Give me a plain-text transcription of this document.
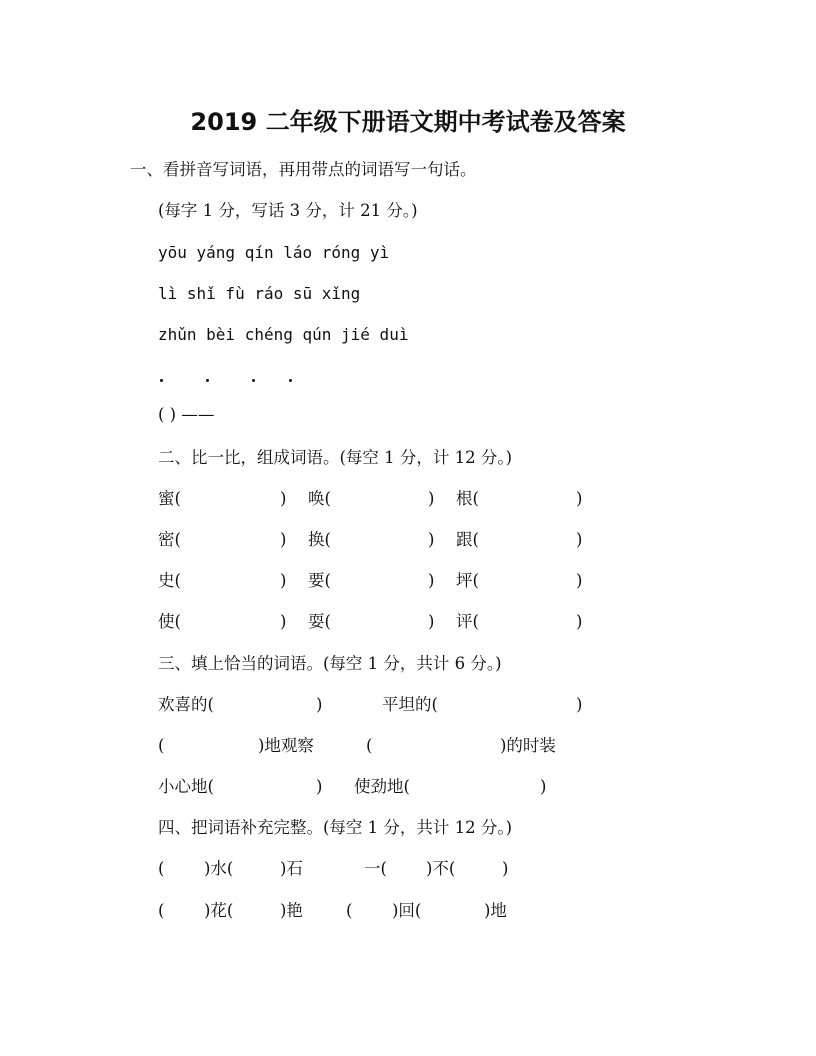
2019 二年级下册语文期中考试卷及答案
一、看拼音写词语，再用带点的词语写一句话。
(每字 1 分，写话 3 分，计 21 分。)
yōu yáng qín láo róng yì
lì shǐ fù ráo sū xǐng
zhǔn bèi chéng qún jié duì
( ) ——
二、比一比，组成词语。(每空 1 分，计 12 分。)
蜜(	) 唤(	) 根(	)
密(	) 换(	) 跟(	)
史(	) 要(	) 坪(	)
使(	) 耍(	) 评(	)
三、填上恰当的词语。(每空 1 分，共计 6 分。)
欢喜的(	)	平坦的(	)
(	)地观察	(	)的时装
小心地(	) 使劲地(	)
四、把词语补充完整。(每空 1 分，共计 12 分。)
( )水(	)石	一( )不(	)
( )花(	)艳	( )回(	)地
